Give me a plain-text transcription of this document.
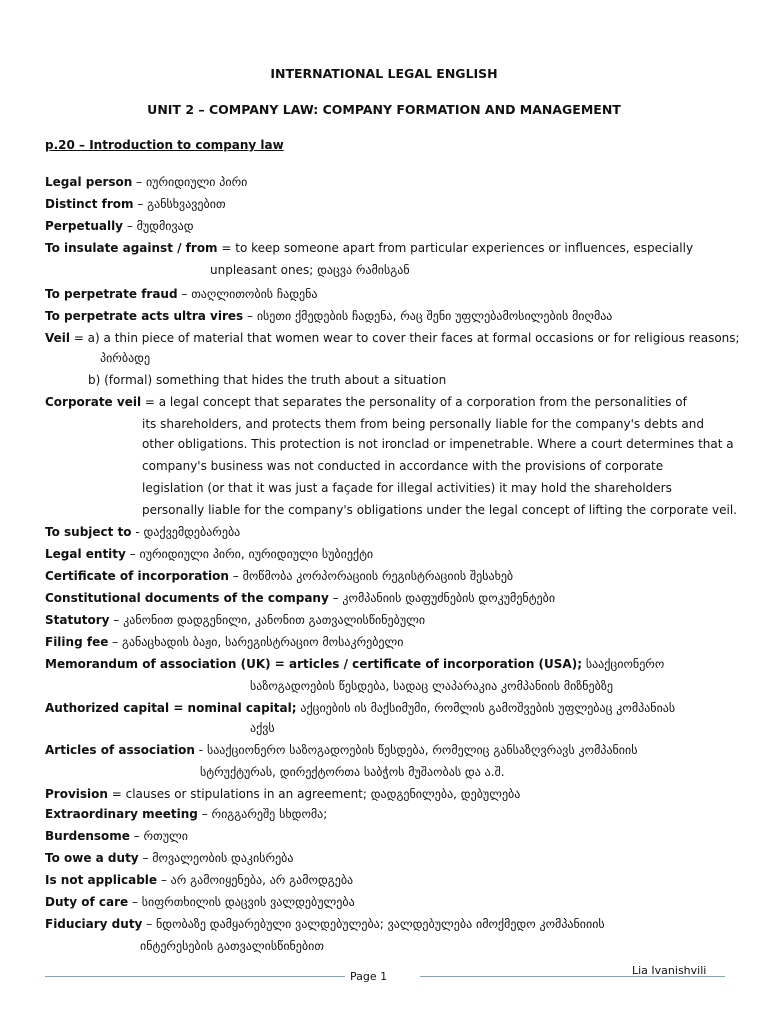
INTERNATIONAL LEGAL ENGLISH
UNIT 2 – COMPANY LAW: COMPANY FORMATION AND MANAGEMENT
p.20 – Introduction to company law
Legal person – იურიდიული პირი
Distinct from – განსხვავებით
Perpetually – მუდმივად
To insulate against / from = to keep someone apart from particular experiences or influences, especially
unpleasant ones; დაცვა რამისგან
To perpetrate fraud – თაღლითობის ჩადენა
To perpetrate acts ultra vires – ისეთი ქმედების ჩადენა, რაც შენი უფლებამოსილების მიღმაა
Veil = a) a thin piece of material that women wear to cover their faces at formal occasions or for religious reasons;
პირბადე
b) (formal) something that hides the truth about a situation
Corporate veil = a legal concept that separates the personality of a corporation from the personalities of
its shareholders, and protects them from being personally liable for the company's debts and
other obligations. This protection is not ironclad or impenetrable. Where a court determines that a
company's business was not conducted in accordance with the provisions of corporate
legislation (or that it was just a façade for illegal activities) it may hold the shareholders
personally liable for the company's obligations under the legal concept of lifting the corporate veil.
To subject to - დაქვემდებარება
Legal entity – იურიდიული პირი, იურიდიული სუბიექტი
Certificate of incorporation – მოწმობა კორპორაციის რეგისტრაციის შესახებ
Constitutional documents of the company – კომპანიის დაფუძნების დოკუმენტები
Statutory – კანონით დადგენილი, კანონით გათვალისწინებული
Filing fee – განაცხადის ბაჟი, სარეგისტრაციო მოსაკრებელი
Memorandum of association (UK) = articles / certificate of incorporation (USA); სააქციონერო
საზოგადოების წესდება, სადაც ლაპარაკია კომპანიის მიზნებზე
Authorized capital = nominal capital; აქციების ის მაქსიმუმი, რომლის გამოშვების უფლებაც კომპანიას
აქვს
Articles of association - სააქციონერო საზოგადოების წესდება, რომელიც განსაზღვრავს კომპანიის
სტრუქტურას, დირექტორთა საბჭოს მუშაობას და ა.შ.
Provision = clauses or stipulations in an agreement; დადგენილება, დებულება
Extraordinary meeting – რიგგარეშე სხდომა;
Burdensome – რთული
To owe a duty – მოვალეობის დაკისრება
Is not applicable – არ გამოიყენება, არ გამოდგება
Duty of care – სიფრთხილის დაცვის ვალდებულება
Fiduciary duty – ნდობაზე დამყარებული ვალდებულება; ვალდებულება იმოქმედო კომპანიიის
ინტერესების გათვალისწინებით
Page 1	Lia Ivanishvili
